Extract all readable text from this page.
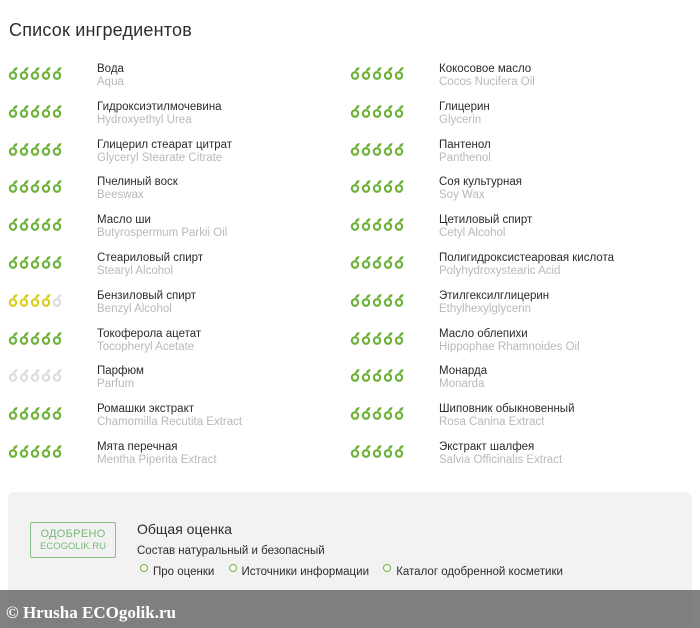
Список ингредиентов
Вода
Aqua
Гидроксиэтилмочевина
Hydroxyethyl Urea
Глицерил стеарат цитрат
Glyceryl Stearate Citrate
Пчелиный воск
Beeswax
Масло ши
Butyrospermum Parkii Oil
Стеариловый спирт
Stearyl Alcohol
Бензиловый спирт
Benzyl Alcohol
Токоферола ацетат
Tocopheryl Acetate
Парфюм
Parfum
Ромашки экстракт
Chamomilla Recutita Extract
Мята перечная
Mentha Piperita Extract
Кокосовое масло
Cocos Nucifera Oil
Глицерин
Glycerin
Пантенол
Panthenol
Соя культурная
Soy Wax
Цетиловый спирт
Cetyl Alcohol
Полигидроксистеаровая кислота
Polyhydroxystearic Acid
Этилгексилглицерин
Ethylhexylglycerin
Масло облепихи
Hippophae Rhamnoides Oil
Монарда
Monarda
Шиповник обыкновенный
Rosa Canina Extract
Экстракт шалфея
Salvia Officinalis Extract
ОДОБРЕНО
ECOGOLIK.RU
Общая оценка
Состав натуральный и безопасный
Про оценки Источники информации Каталог одобренной косметики
© Hrusha ECOgolik.ru
